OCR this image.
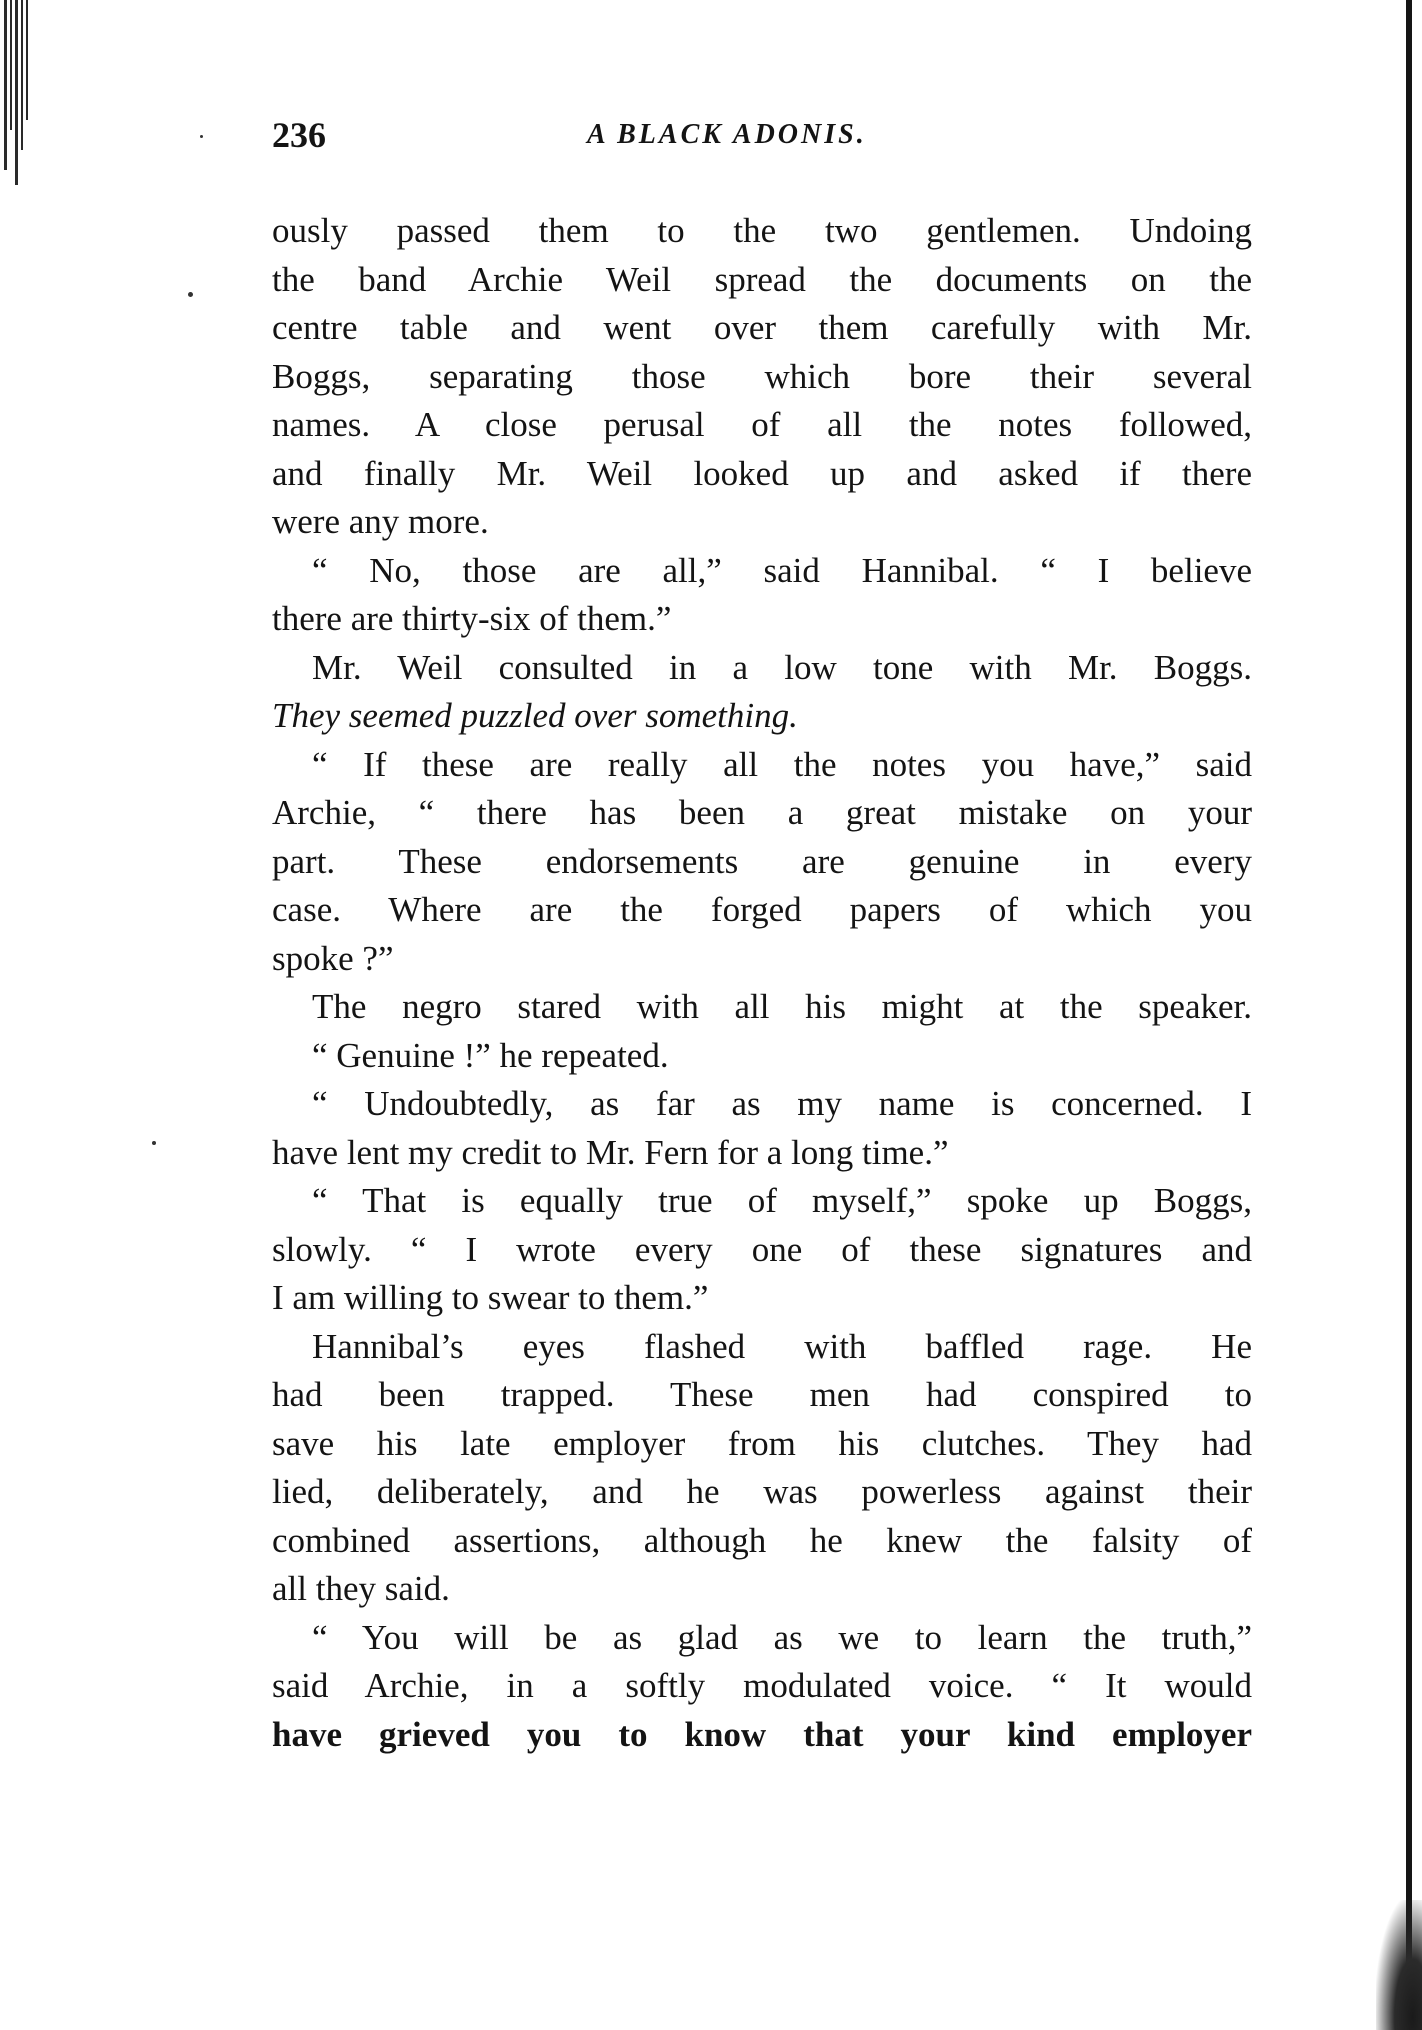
236	A BLACK ADONIS.
ously passed them to the two gentlemen. Undoing
the band Archie Weil spread the documents on the
centre table and went over them carefully with Mr.
Boggs, separating those which bore their several
names. A close perusal of all the notes followed,
and finally Mr. Weil looked up and asked if there
were any more.
“ No, those are all,” said Hannibal. “ I believe
there are thirty-six of them.”
Mr. Weil consulted in a low tone with Mr. Boggs.
They seemed puzzled over something.
“ If these are really all the notes you have,” said
Archie, “ there has been a great mistake on your
part. These endorsements are genuine in every
case. Where are the forged papers of which you
spoke ?”
The negro stared with all his might at the speaker.
“ Genuine !” he repeated.
“ Undoubtedly, as far as my name is concerned. I
have lent my credit to Mr. Fern for a long time.”
“ That is equally true of myself,” spoke up Boggs,
slowly. “ I wrote every one of these signatures and
I am willing to swear to them.”
Hannibal’s eyes flashed with baffled rage. He
had been trapped. These men had conspired to
save his late employer from his clutches. They had
lied, deliberately, and he was powerless against their
combined assertions, although he knew the falsity of
all they said.
“ You will be as glad as we to learn the truth,”
said Archie, in a softly modulated voice. “ It would
have grieved you to know that your kind employer
